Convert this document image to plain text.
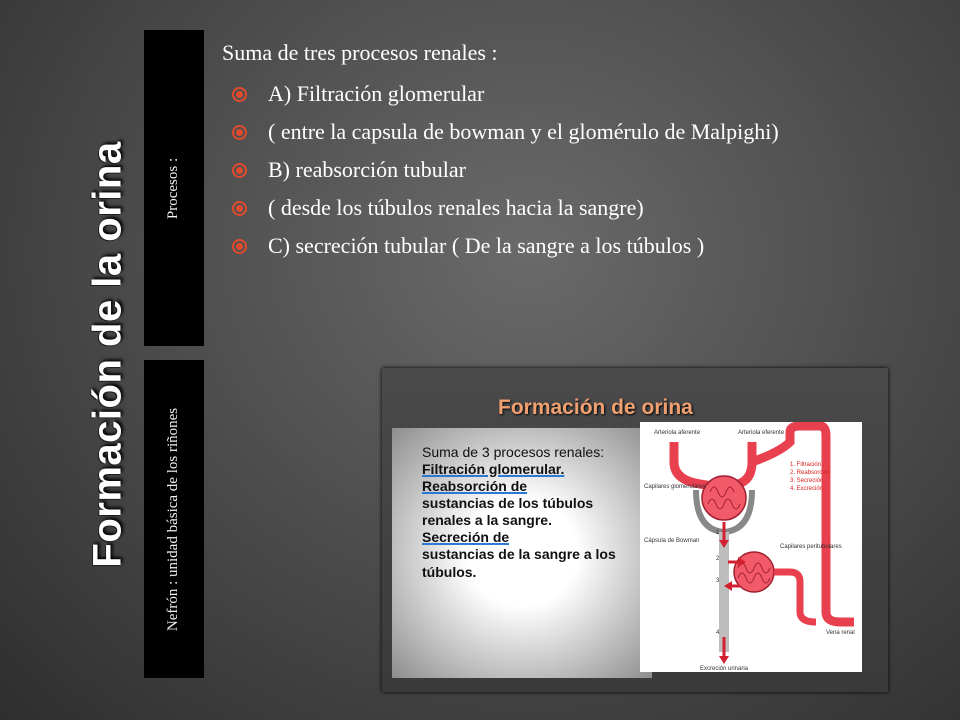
Formación de la orina Procesos :
Nefrón : unidad básica de los riñones

Suma de tres procesos renales :

A) Filtración glomerular
( entre la capsula de bowman y el glomérulo de Malpighi)
B) reabsorción tubular
( desde los túbulos renales hacia la sangre)
C) secreción tubular ( De la sangre a los túbulos )
Formación de orina
Suma de 3 procesos renales:
Filtración glomerular.
Reabsorción de
sustancias de los túbulos renales a la sangre.
Secreción de
sustancias de la sangre a los túbulos.
Arteriola aferente	Arteriola eferente
Capilares glomerulares
Cápsula de Bowman
Capilares peritubulares
Vena renal
Excreción urinaria
1
2
3
4
1. Filtración
2. Reabsorción
3. Secreción
4. Excreción
